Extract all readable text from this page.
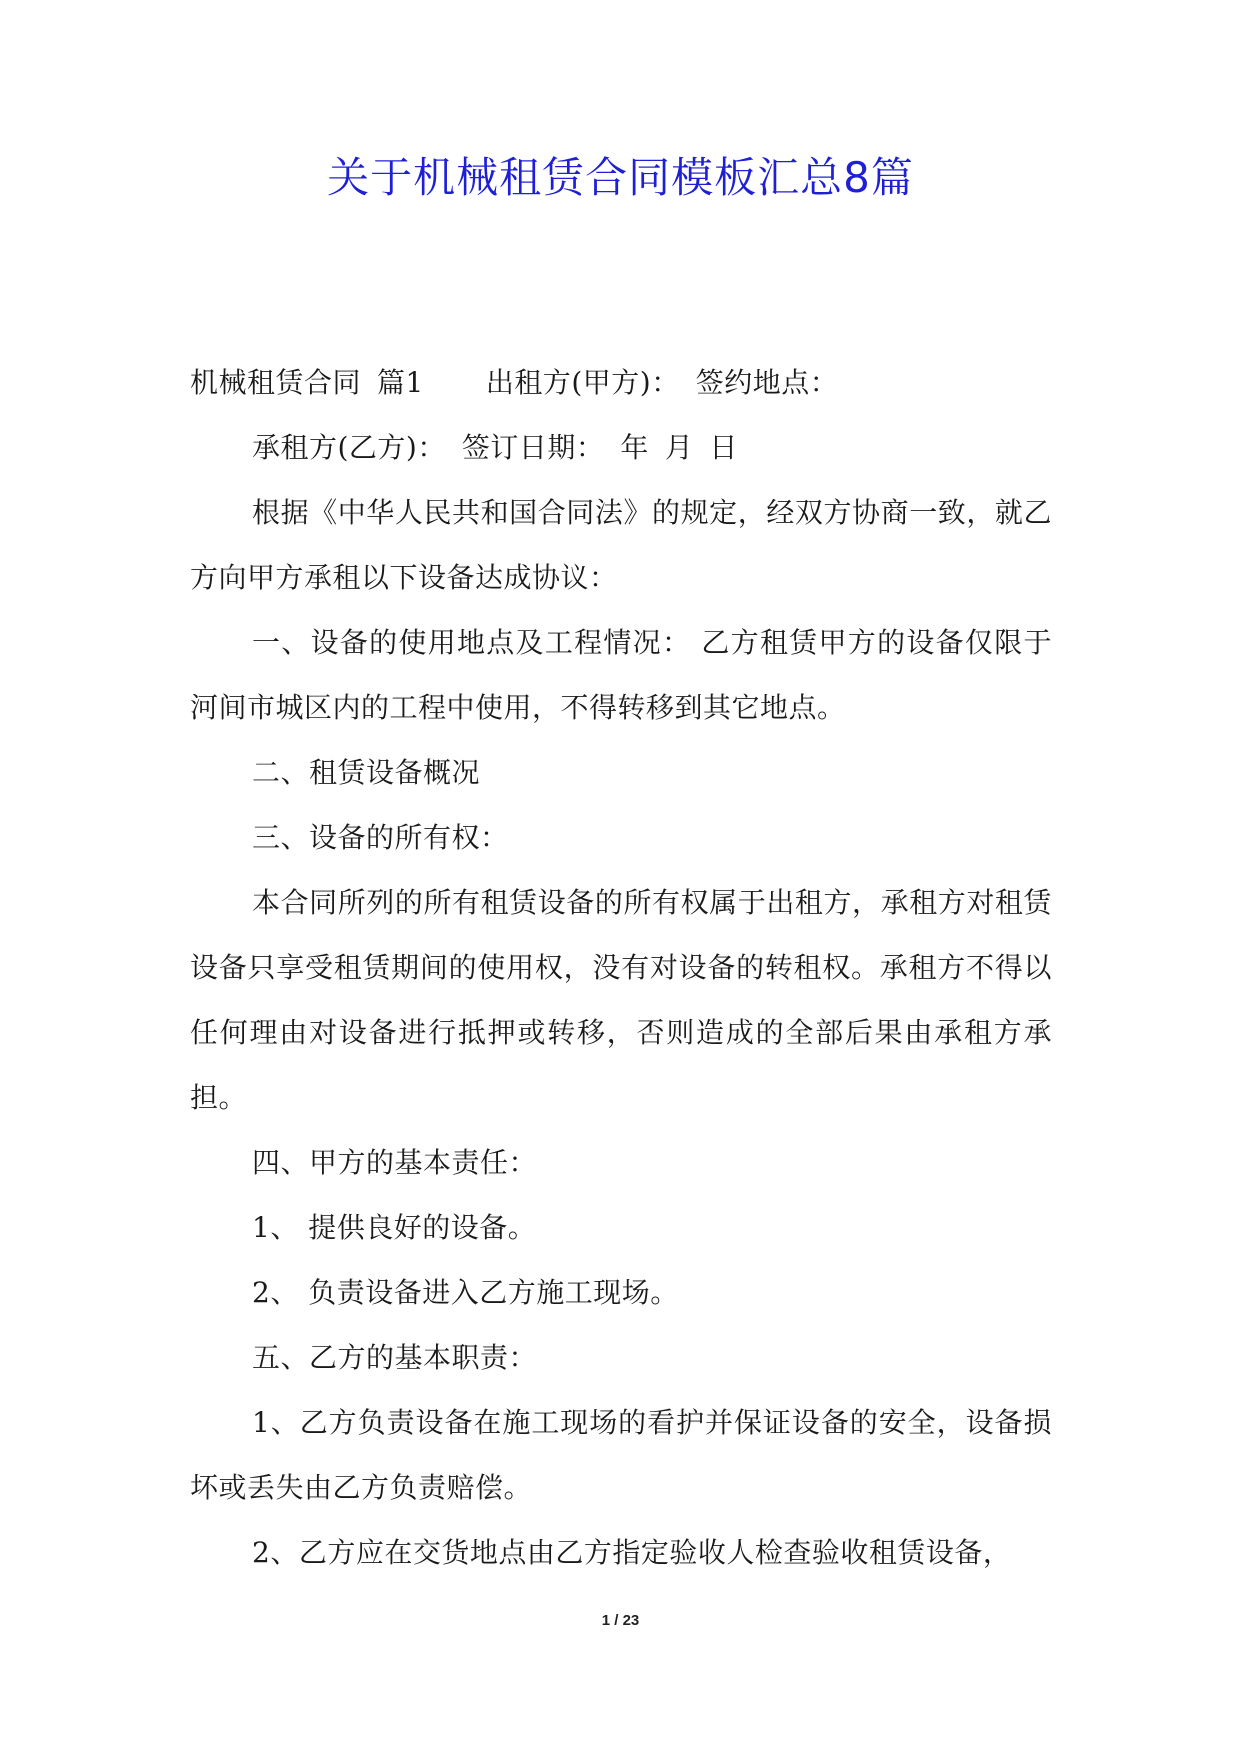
关于机械租赁合同模板汇总8篇

机械租赁合同 篇1 出租方(甲方)： 签约地点：

承租方(乙方)： 签订日期： 年 月 日

根据《中华人民共和国合同法》的规定，经双方协商一致，就乙方向甲方承租以下设备达成协议：

一、设备的使用地点及工程情况： 乙方租赁甲方的设备仅限于河间市城区内的工程中使用，不得转移到其它地点。

二、租赁设备概况

三、设备的所有权：

本合同所列的所有租赁设备的所有权属于出租方，承租方对租赁设备只享受租赁期间的使用权，没有对设备的转租权。承租方不得以任何理由对设备进行抵押或转移，否则造成的全部后果由承租方承担。

四、甲方的基本责任：

1、 提供良好的设备。

2、 负责设备进入乙方施工现场。

五、乙方的基本职责：

1、乙方负责设备在施工现场的看护并保证设备的安全，设备损坏或丢失由乙方负责赔偿。

2、乙方应在交货地点由乙方指定验收人检查验收租赁设备，

1 / 23
